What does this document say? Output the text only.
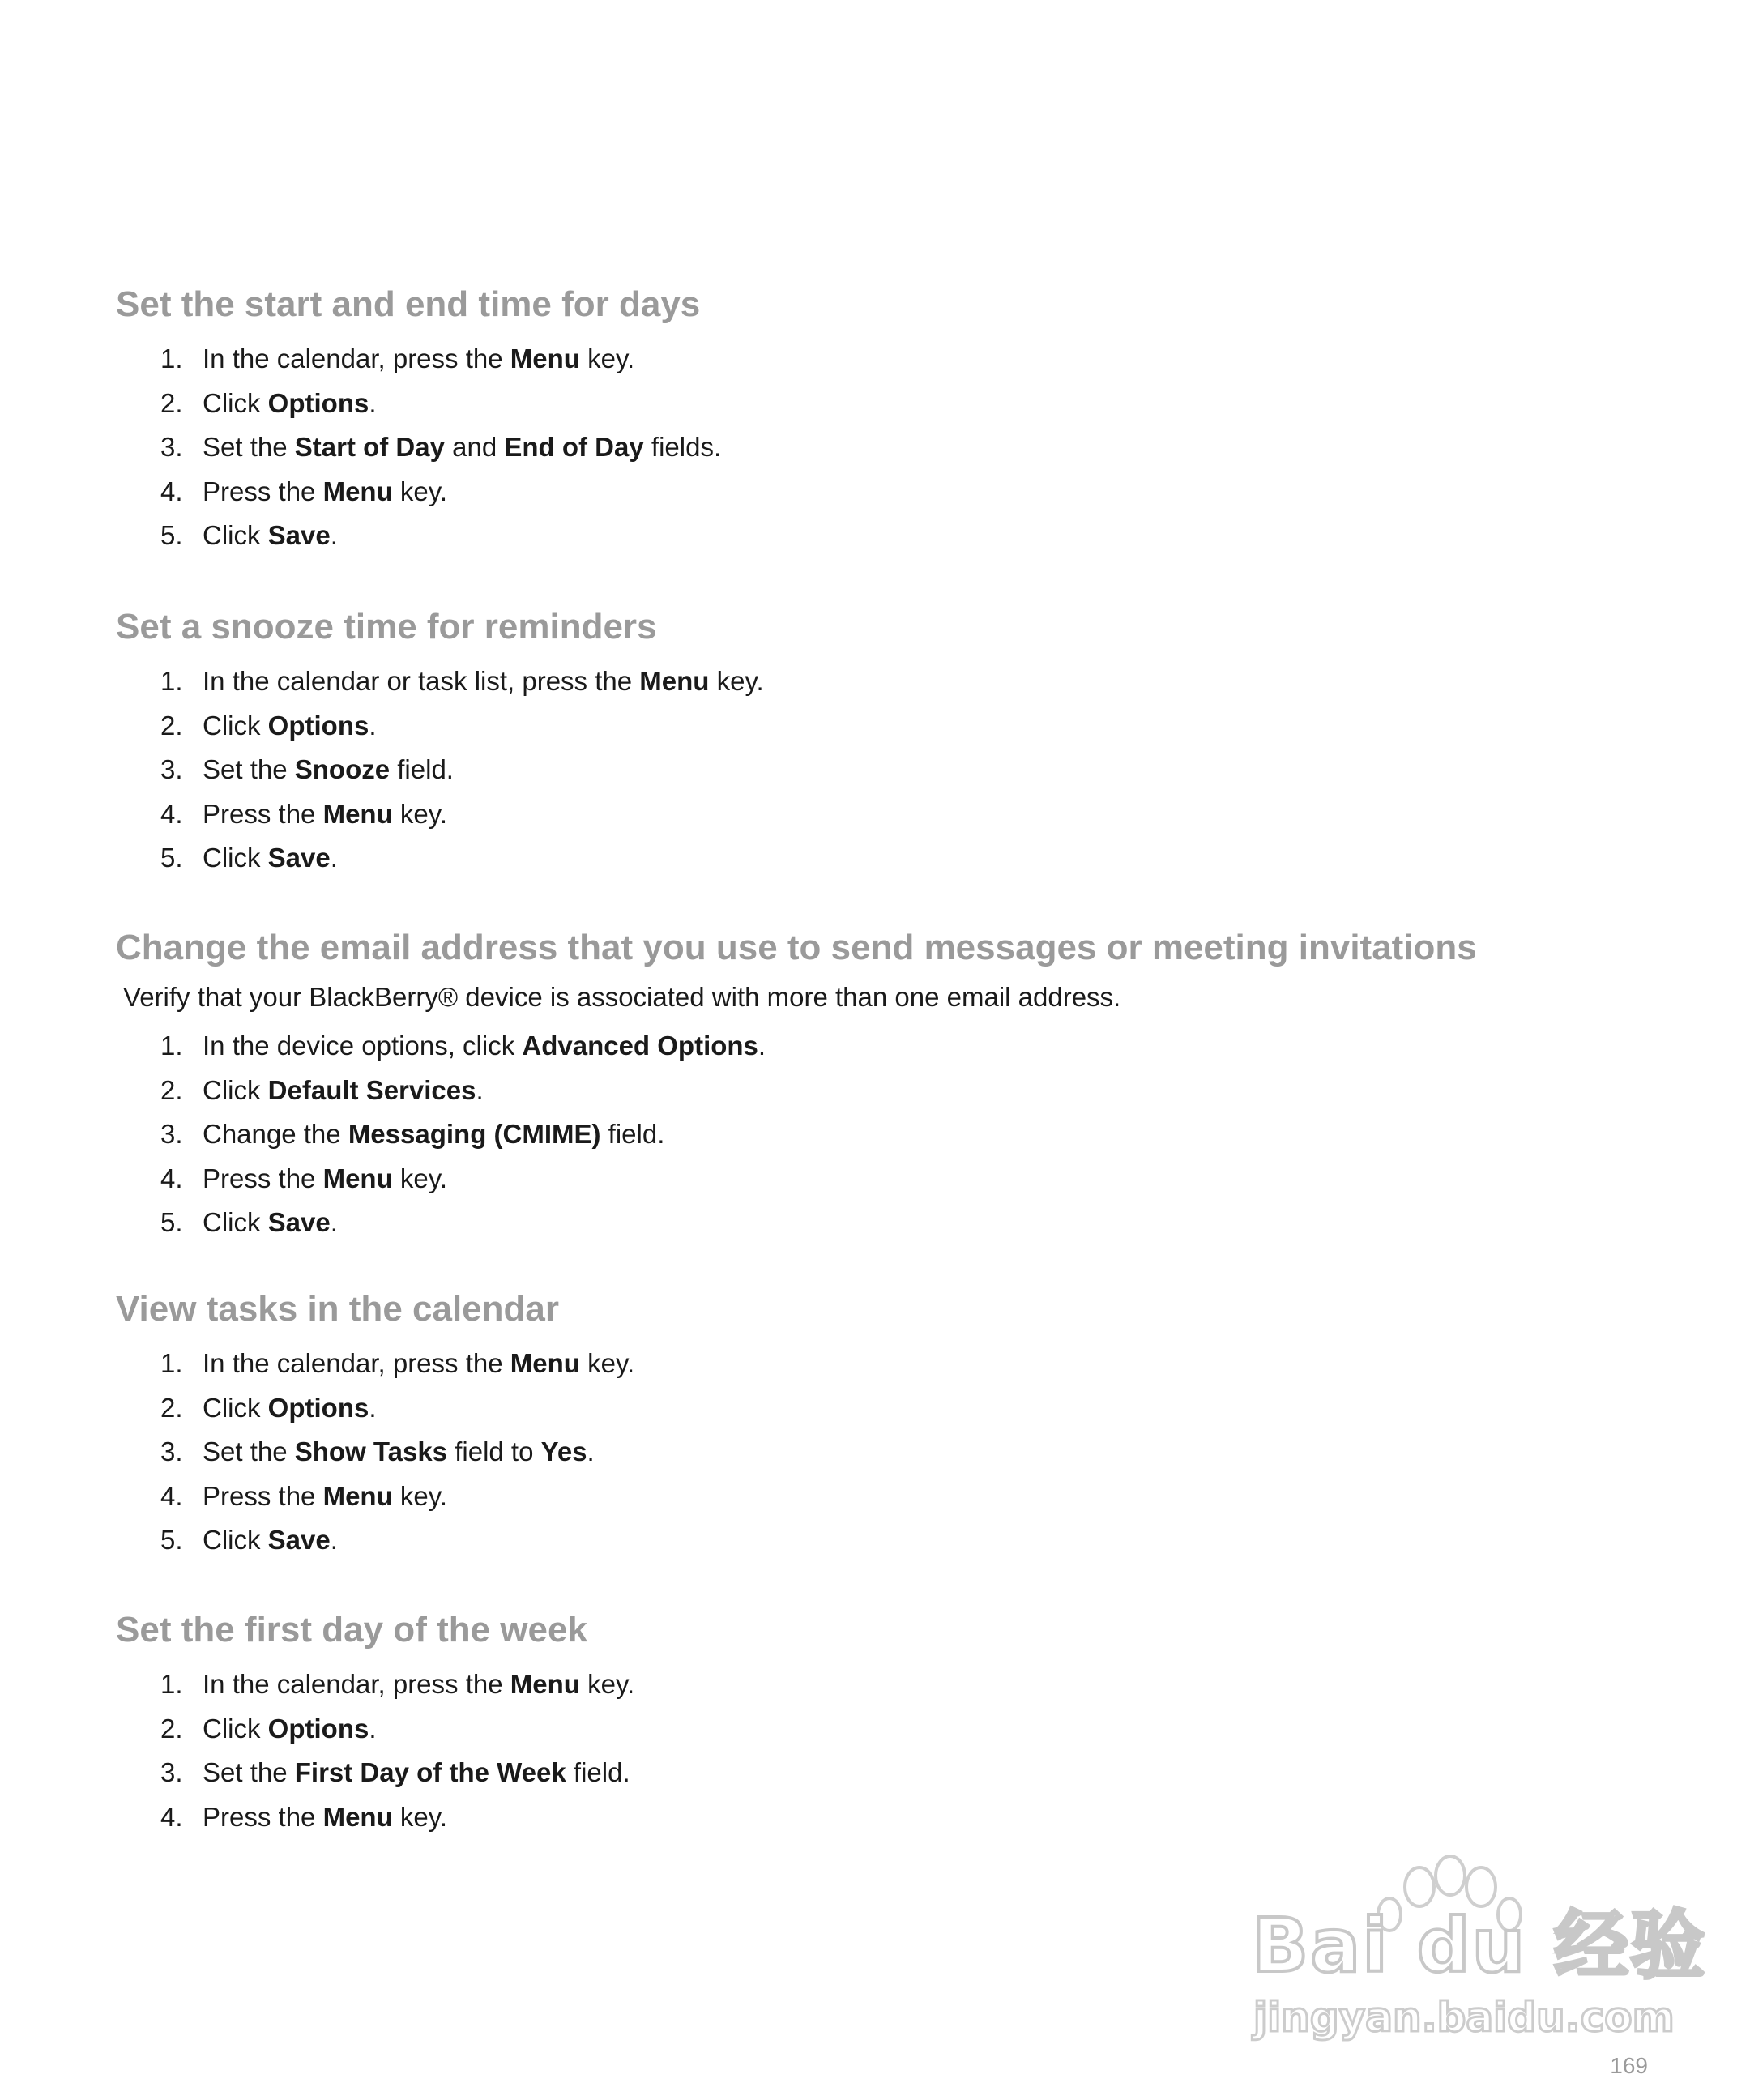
Set the start and end time for days
1. In the calendar, press the Menu key.
2. Click Options.
3. Set the Start of Day and End of Day fields.
4. Press the Menu key.
5. Click Save.
Set a snooze time for reminders
1. In the calendar or task list, press the Menu key.
2. Click Options.
3. Set the Snooze field.
4. Press the Menu key.
5. Click Save.
Change the email address that you use to send messages or meeting invitations

Verify that your BlackBerry® device is associated with more than one email address.

1. In the device options, click Advanced Options.
2. Click Default Services.
3. Change the Messaging (CMIME) field.
4. Press the Menu key.
5. Click Save.
View tasks in the calendar
1. In the calendar, press the Menu key.
2. Click Options.
3. Set the Show Tasks field to Yes.
4. Press the Menu key.
5. Click Save.
Set the first day of the week
1. In the calendar, press the Menu key.
2. Click Options.
3. Set the First Day of the Week field.
4. Press the Menu key.
Bai du 经验
jingyan.baidu.com
169
